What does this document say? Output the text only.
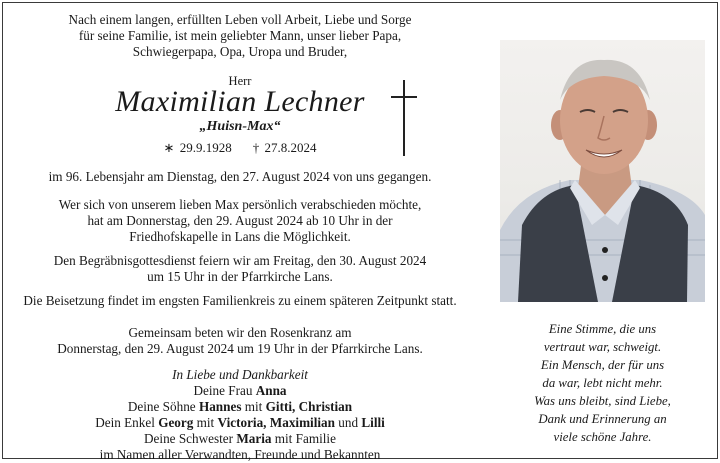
Nach einem langen, erfüllten Leben voll Arbeit, Liebe und Sorge

für seine Familie, ist mein geliebter Mann, unser lieber Papa,

Schwiegerpapa, Opa, Uropa und Bruder,

Herr
Maximilian Lechner
„Huisn-Max“
∗ 29.9.1928 † 27.8.2024

im 96. Lebensjahr am Dienstag, den 27. August 2024 von uns gegangen.

Wer sich von unserem lieben Max persönlich verabschieden möchte,

hat am Donnerstag, den 29. August 2024 ab 10 Uhr in der

Friedhofskapelle in Lans die Möglichkeit.

Den Begräbnisgottesdienst feiern wir am Freitag, den 30. August 2024

um 15 Uhr in der Pfarrkirche Lans.

Die Beisetzung findet im engsten Familienkreis zu einem späteren Zeitpunkt statt.

Gemeinsam beten wir den Rosenkranz am

Donnerstag, den 29. August 2024 um 19 Uhr in der Pfarrkirche Lans.

In Liebe und Dankbarkeit

Deine Frau Anna

Deine Söhne Hannes mit Gitti, Christian

Dein Enkel Georg mit Victoria, Maximilian und Lilli

Deine Schwester Maria mit Familie

im Namen aller Verwandten, Freunde und Bekannten

Eine Stimme, die uns
vertraut war, schweigt.
Ein Mensch, der für uns
da war, lebt nicht mehr.
Was uns bleibt, sind Liebe,
Dank und Erinnerung an
viele schöne Jahre.
